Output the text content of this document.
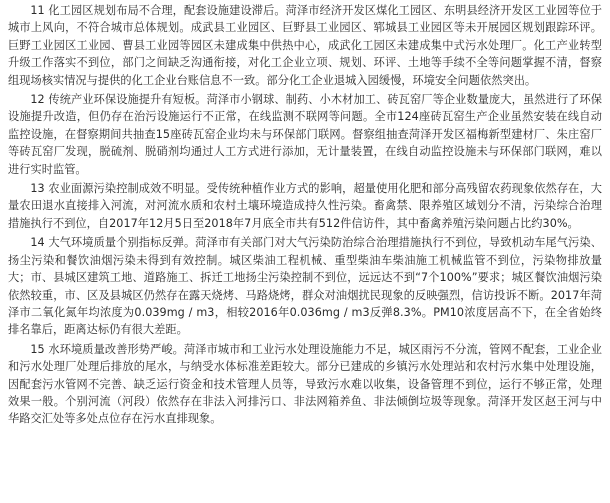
11 化工园区规划布局不合理，配套设施建设滞后。菏泽市经济开发区煤化工园区、东明县经济开发区工业园等位于城市上风向，不符合城市总体规划。成武县工业园区、巨野县工业园区、郓城县工业园区等未开展园区规划跟踪环评。巨野工业园区工业园、曹县工业园等园区未建成集中供热中心，成武化工园区未建成集中式污水处理厂。化工产业转型升级工作落实不到位，部门之间缺乏沟通衔接，对化工企业立项、规划、环评、土地等手续不全等问题掌握不清，督察组现场核实情况与提供的化工企业台账信息不一致。部分化工企业退城入园缓慢，环境安全问题依然突出。

12 传统产业环保设施提升有短板。菏泽市小钢球、制药、小木材加工、砖瓦窑厂等企业数量庞大，虽然进行了环保设施提升改造，但仍存在治污设施运行不正常，在线监测不联网等问题。全市124座砖瓦窑生产企业虽然安装在线自动监控设施，在督察期间共抽查15座砖瓦窑企业均未与环保部门联网。督察组抽查菏泽开发区福梅新型建材厂、朱庄窑厂等砖瓦窑厂发现，脱硫剂、脱硝剂均通过人工方式进行添加，无计量装置，在线自动监控设施未与环保部门联网，难以进行实时监管。

13 农业面源污染控制成效不明显。受传统种植作业方式的影响，超量使用化肥和部分高残留农药现象依然存在，大量农田退水直接排入河流，对河流水质和农村土壤环境造成持久性污染。畜禽禁、限养殖区域划分不清，污染综合治理措施执行不到位，自2017年12月5日至2018年7月底全市共有512件信访件，其中畜禽养殖污染问题占比约30%。

14 大气环境质量个别指标反弹。菏泽市有关部门对大气污染防治综合治理措施执行不到位，导致机动车尾气污染、扬尘污染和餐饮油烟污染未得到有效控制。城区柴油工程机械、重型柴油车柴油施工机械监管不到位，污染物排放量大；市、县城区建筑工地、道路施工、拆迁工地扬尘污染控制不到位，远远达不到“7个100%”要求；城区餐饮油烟污染依然较重，市、区及县城区仍然存在露天烧烤、马路烧烤，群众对油烟扰民现象的反映强烈，信访投诉不断。2017年菏泽市二氧化氮年均浓度为0.039mg / m3，相较2016年0.036mg / m3反弹8.3%。PM10浓度居高不下，在全省始终排名靠后，距离达标仍有很大差距。

15 水环境质量改善形势严峻。菏泽市城市和工业污水处理设施能力不足，城区雨污不分流，管网不配套，工业企业和污水处理厂处理后排放的尾水，与纳受水体标准差距较大。部分已建成的乡镇污水处理站和农村污水集中处理设施，因配套污水管网不完善、缺乏运行资金和技术管理人员等，导致污水难以收集，设备管理不到位，运行不够正常，处理效果一般。个别河流（河段）依然存在非法入河排污口、非法网箱养鱼、非法倾倒垃圾等现象。菏泽开发区赵王河与中华路交汇处等多处点位存在污水直排现象。
